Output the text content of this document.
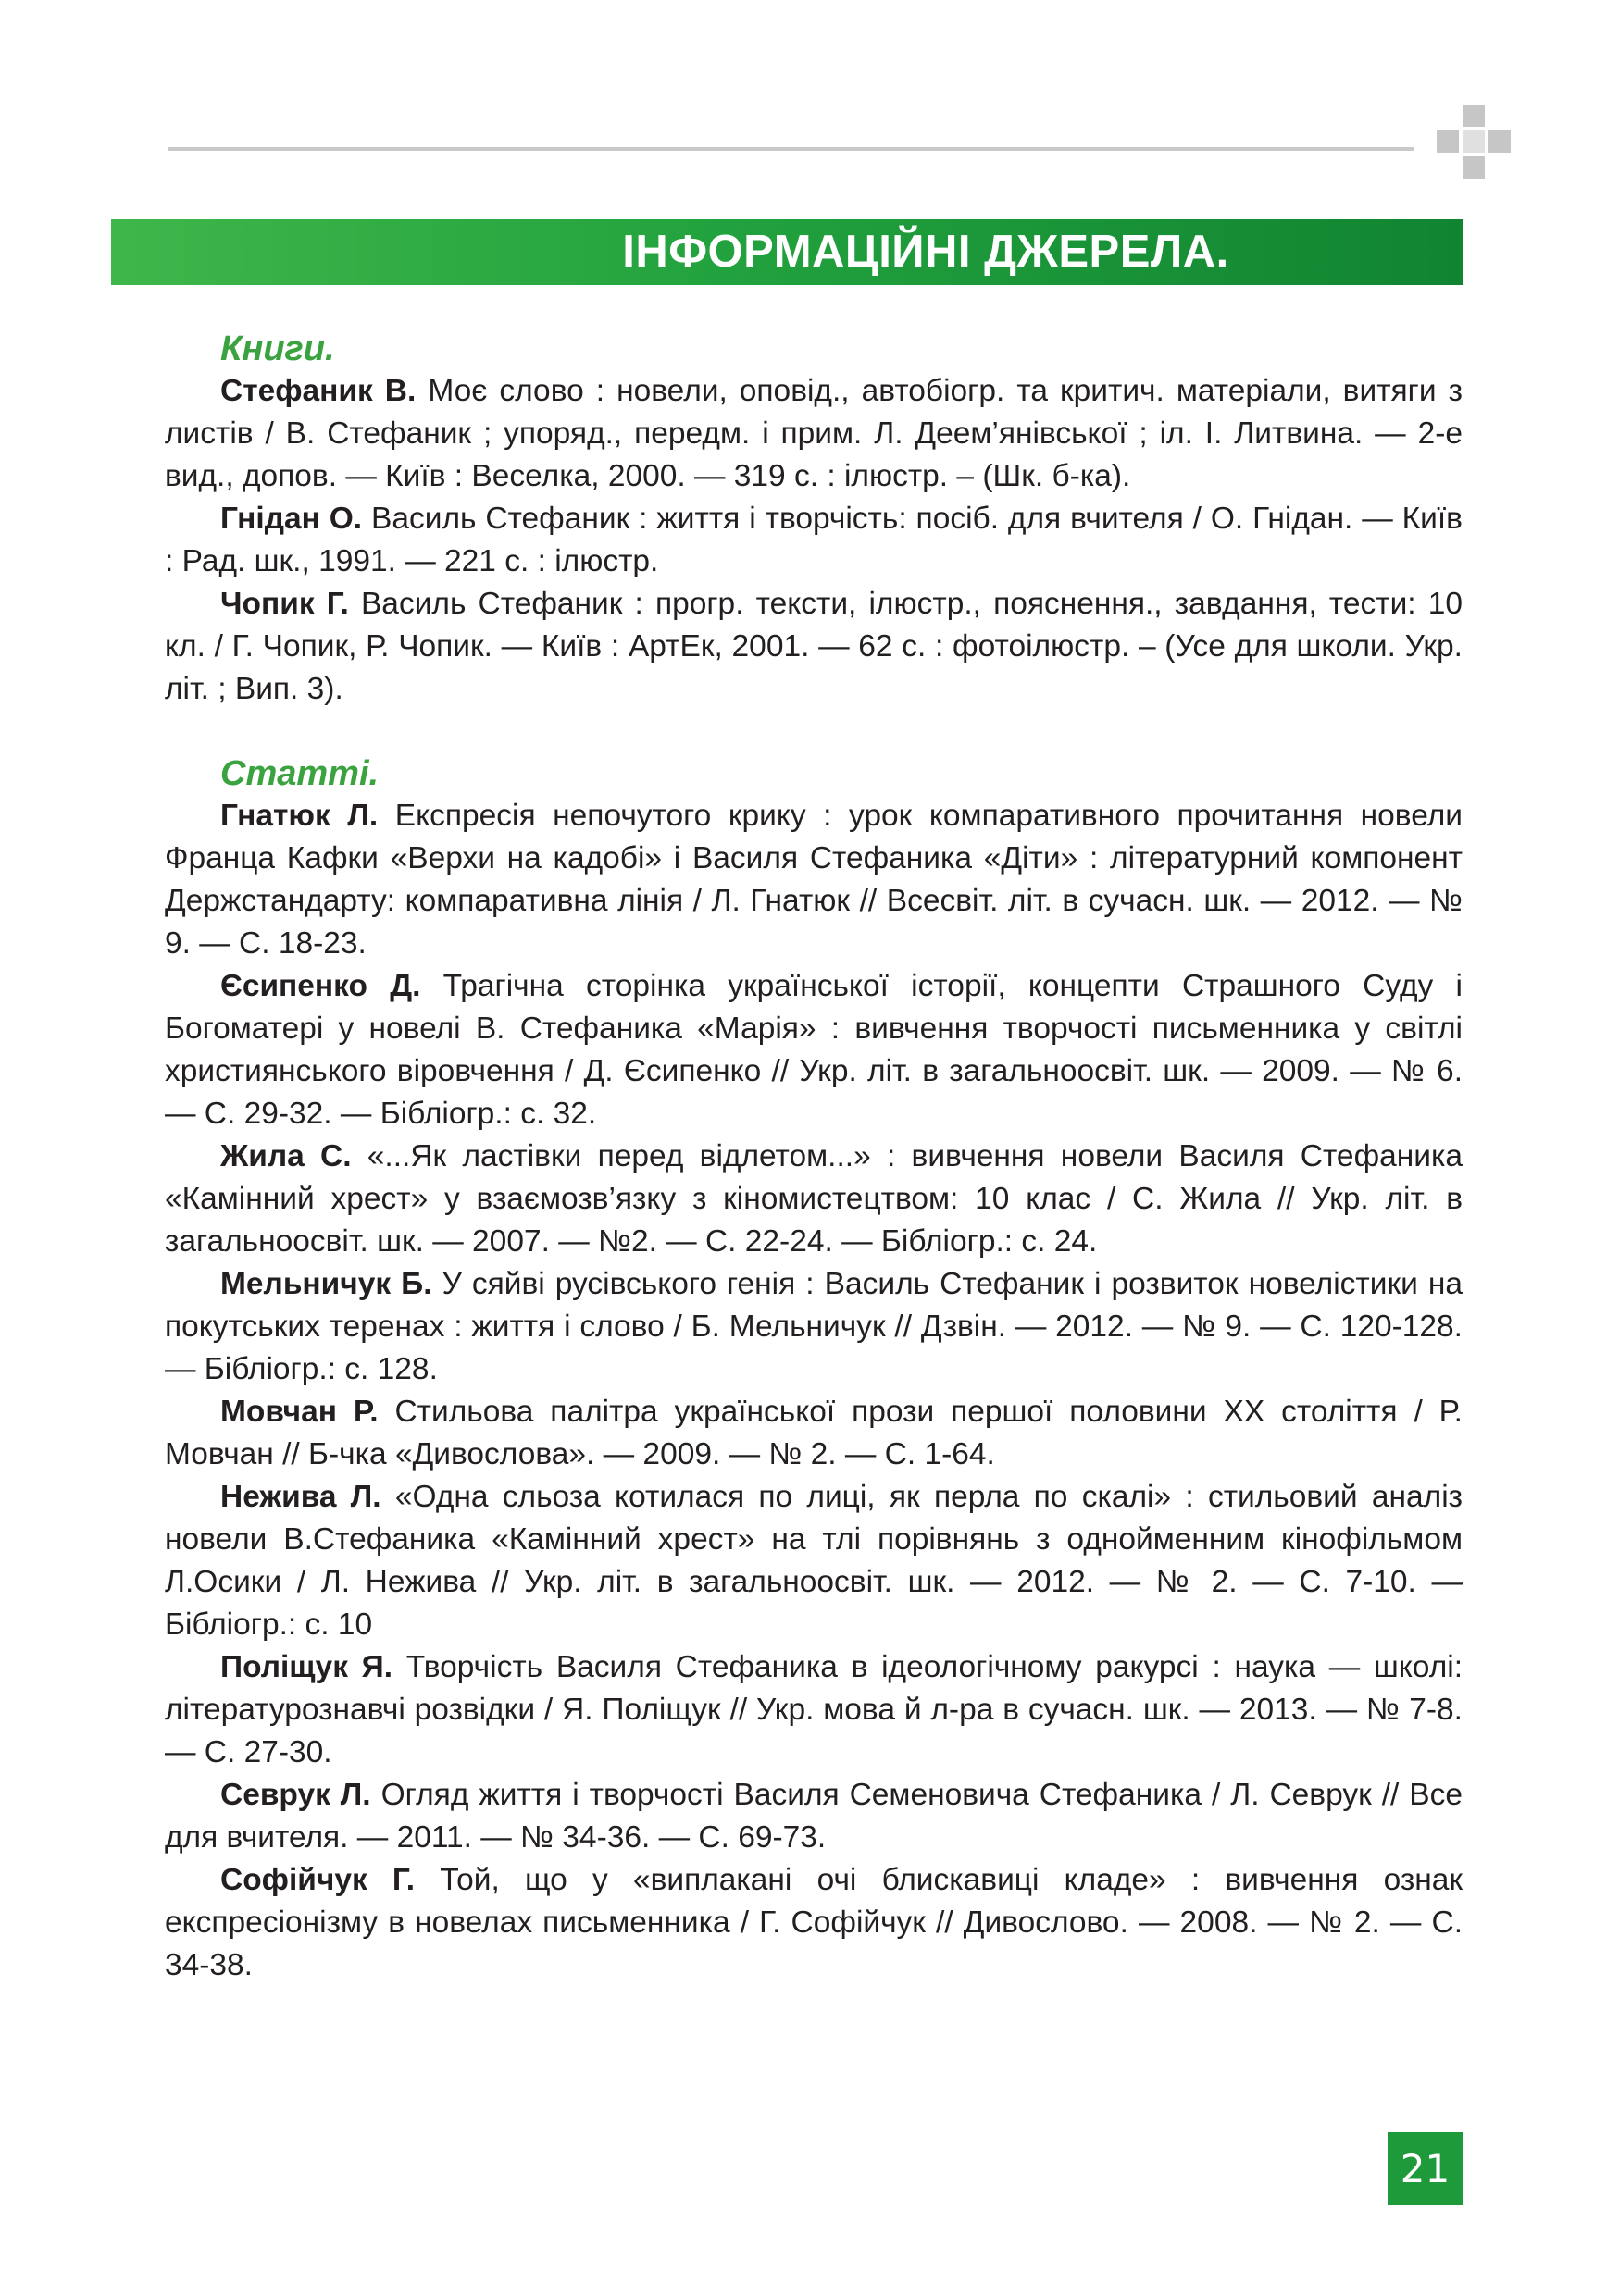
ІНФОРМАЦІЙНІ ДЖЕРЕЛА.
Книги.

Стефаник В. Моє слово : новели, оповід., автобіогр. та критич. матеріали, витяги з листів / В. Стефаник ; упоряд., передм. і прим. Л. Деем’янівської ; іл. І. Литвина. — 2-е вид., допов. — Київ : Веселка, 2000. — 319 с. : ілюстр. – (Шк. б-ка).

Гнідан О. Василь Стефаник : життя і творчість: посіб. для вчителя / О. Гнідан. — Київ : Рад. шк., 1991. — 221 с. : ілюстр.

Чопик Г. Василь Стефаник : прогр. тексти, ілюстр., пояснення., завдання, тести: 10 кл. / Г. Чопик, Р. Чопик. — Київ : АртЕк, 2001. — 62 с. : фотоілюстр. – (Усе для школи. Укр. літ. ; Вип. 3).

Статті.

Гнатюк Л. Експресія непочутого крику : урок компаративного прочитання новели Франца Кафки «Верхи на кадобі» і Василя Стефаника «Діти» : літературний компонент Держстандарту: компаративна лінія / Л. Гнатюк // Всесвіт. літ. в сучасн. шк. — 2012. — № 9. — С. 18-23.

Єсипенко Д. Трагічна сторінка української історії, концепти Страшного Суду і Богоматері у новелі В. Стефаника «Марія» : вивчення творчості письменника у світлі християнського віровчення / Д. Єсипенко // Укр. літ. в загальноосвіт. шк. — 2009. — № 6. — С. 29-32. — Бібліогр.: с. 32.

Жила С. «...Як ластівки перед відлетом...» : вивчення новели Василя Стефаника «Камінний хрест» у взаємозв’язку з кіномистецтвом: 10 клас / С. Жила // Укр. літ. в загальноосвіт. шк. — 2007. — №2. — С. 22-24. — Бібліогр.: с. 24.

Мельничук Б. У сяйві русівського генія : Василь Стефаник і розвиток новелістики на покутських теренах : життя і слово / Б. Мельничук // Дзвін. — 2012. — № 9. — С. 120-128. — Бібліогр.: с. 128.

Мовчан Р. Стильова палітра української прози першої половини XX століття / Р. Мовчан // Б-чка «Дивослова». — 2009. — № 2. — С. 1-64.

Нежива Л. «Одна сльоза котилася по лиці, як перла по скалі» : стильовий аналіз новели В.Стефаника «Камінний хрест» на тлі порівнянь з однойменним кінофільмом Л.Осики / Л. Нежива // Укр. літ. в загальноосвіт. шк. — 2012. — № 2. — С. 7-10. — Бібліогр.: с. 10

Поліщук Я. Творчість Василя Стефаника в ідеологічному ракурсі : наука — школі: літературознавчі розвідки / Я. Поліщук // Укр. мова й л-ра в сучасн. шк. — 2013. — № 7-8. — С. 27-30.

Севрук Л. Огляд життя і творчості Василя Семеновича Стефаника / Л. Севрук // Все для вчителя. — 2011. — № 34-36. — С. 69-73.

Софійчук Г. Той, що у «виплакані очі блискавиці кладе» : вивчення ознак експресіонізму в новелах письменника / Г. Софійчук // Дивослово. — 2008. — № 2. — С. 34-38.

21
